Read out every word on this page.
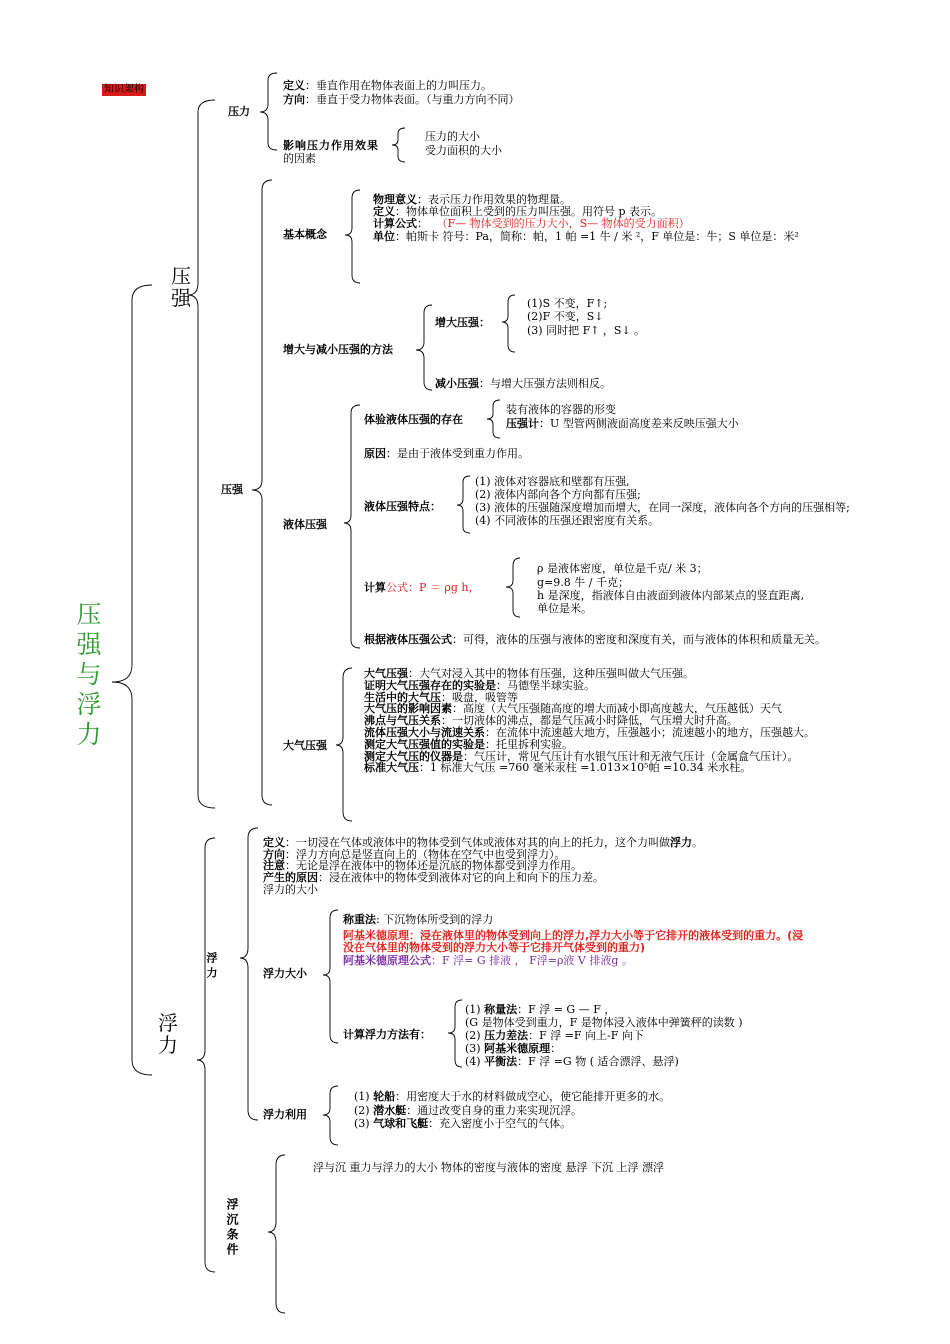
知识架构
压强与浮力
压强
浮力
压力
定义：垂直作用在物体表面上的力叫压力。
方向：垂直于受力物体表面。（与重力方向不同）
影响压力作用效果
的因素
压力的大小
受力面积的大小
压强
基本概念
物理意义：表示压力作用效果的物理量。
定义：物体单位面积上受到的压力叫压强。用符号 p 表示。
计算公式： （F— 物体受到的压力大小，S— 物体的受力面积）
单位：帕斯卡 符号：Pa，简称：帕，1 帕 =1 牛 / 米 ²，F 单位是：牛；S 单位是：米²
增大与减小压强的方法
增大压强：
(1)S 不变，F↑;
(2)F 不变，S↓
(3) 同时把 F↑ ，S↓ 。
减小压强：与增大压强方法则相反。
液体压强
体验液体压强的存在
装有液体的容器的形变
压强计：U 型管两侧液面高度差来反映压强大小
原因：是由于液体受到重力作用。
液体压强特点：
(1) 液体对容器底和壁都有压强,
(2) 液体内部向各个方向都有压强;
(3) 液体的压强随深度增加而增大，在同一深度，液体向各个方向的压强相等;
(4) 不同液体的压强还跟密度有关系。
计算公式：P ＝ ρg h，
ρ 是液体密度，单位是千克/ 米 3；
g=9.8 牛 / 千克；
h 是深度，指液体自由液面到液体内部某点的竖直距离,
单位是米。
根据液体压强公式：可得，液体的压强与液体的密度和深度有关，而与液体的体积和质量无关。
大气压强
大气压强：大气对浸入其中的物体有压强，这种压强叫做大气压强。
证明大气压强存在的实验是：马德堡半球实验。
生活中的大气压：吸盘，吸管等
大气压的影响因素：高度（大气压强随高度的增大而减小即高度越大，气压越低）天气
沸点与气压关系：一切液体的沸点，都是气压减小时降低，气压增大时升高。
流体压强大小与流速关系：在流体中流速越大地方，压强越小；流速越小的地方，压强越大。
测定大气压强值的实验是：托里拆利实验。
测定大气压的仪器是：气压计，常见气压计有水银气压计和无液气压计（金属盒气压计）。
标准大气压：1 标准大气压 =760 毫米汞柱 =1.013×10⁵帕 =10.34 米水柱。
浮力
定义：一切浸在气体或液体中的物体受到气体或液体对其的向上的托力，这个力叫做浮力。
方向：浮力方向总是竖直向上的（物体在空气中也受到浮力）。
注意：无论是浮在液体中的物体还是沉底的物体都受到浮力作用。
产生的原因：浸在液体中的物体受到液体对它的向上和向下的压力差。
浮力的大小
浮力大小
称重法: 下沉物体所受到的浮力
阿基米德原理：浸在液体里的物体受到向上的浮力,浮力大小等于它排开的液体受到的重力。(浸
没在气体里的物体受到的浮力大小等于它排开气体受到的重力)
阿基米德原理公式：F 浮= G 排液 ， F浮=ρ液 V 排液g 。
计算浮力方法有：
(1) 称量法：F 浮 = G — F ，
(G 是物体受到重力，F 是物体浸入液体中弹簧秤的读数 )
(2) 压力差法：F 浮 =F 向上-F 向下
(3) 阿基米德原理：
(4) 平衡法：F 浮 =G 物 ( 适合漂浮、悬浮)
浮力利用
(1) 轮船：用密度大于水的材料做成空心，使它能排开更多的水。
(2) 潜水艇：通过改变自身的重力来实现沉浮。
(3) 气球和飞艇：充入密度小于空气的气体。
浮沉条件
浮与沉 重力与浮力的大小 物体的密度与液体的密度 悬浮 下沉 上浮 漂浮
